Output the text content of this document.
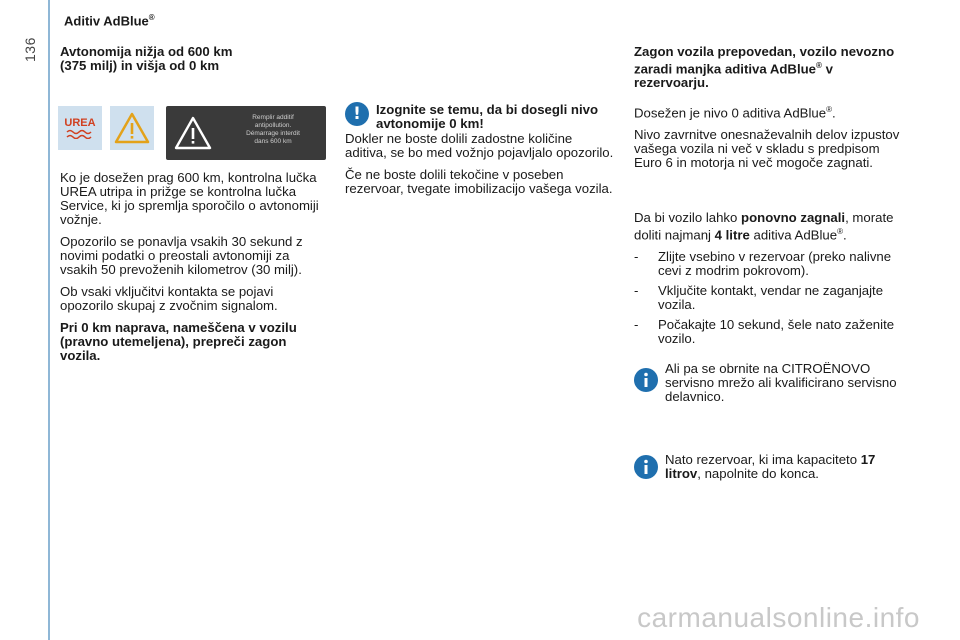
136
Aditiv AdBlue®
Avtonomija nižja od 600 km
(375 milj) in višja od 0 km
UREA	Remplir additif
antipollution.
Démarrage interdit
dans 600 km

Ko je dosežen prag 600 km, kontrolna lučka UREA utripa in prižge se kontrolna lučka Service, ki jo spremlja sporočilo o avtonomiji vožnje.

Opozorilo se ponavlja vsakih 30 sekund z novimi podatki o preostali avtonomiji za vsakih 50 prevoženih kilometrov (30 milj).

Ob vsaki vključitvi kontakta se pojavi opozorilo skupaj z zvočnim signalom.

Pri 0 km naprava, nameščena v vozilu (pravno utemeljena), prepreči zagon vozila.

!	Izognite se temu, da bi dosegli nivo avtonomije 0 km!

Dokler ne boste dolili zadostne količine aditiva, se bo med vožnjo pojavljalo opozorilo.

Če ne boste dolili tekočine v poseben rezervoar, tvegate imobilizacijo vašega vozila.

Zagon vozila prepovedan, vozilo nevozno zaradi manjka aditiva AdBlue® v rezervoarju.

Dosežen je nivo 0 aditiva AdBlue®.

Nivo zavrnitve onesnaževalnih delov izpustov vašega vozila ni več v skladu s predpisom Euro 6 in motorja ni več mogoče zagnati.

Da bi vozilo lahko ponovno zagnali, morate doliti najmanj 4 litre aditiva AdBlue®.

- Zlijte vsebino v rezervoar (preko nalivne cevi z modrim pokrovom).
- Vključite kontakt, vendar ne zaganjajte vozila.
- Počakajte 10 sekund, šele nato zaženite vozilo.
Ali pa se obrnite na CITROËNOVO servisno mrežo ali kvalificirano servisno delavnico.
Nato rezervoar, ki ima kapaciteto 17 litrov, napolnite do konca.
carmanualsonline.info
